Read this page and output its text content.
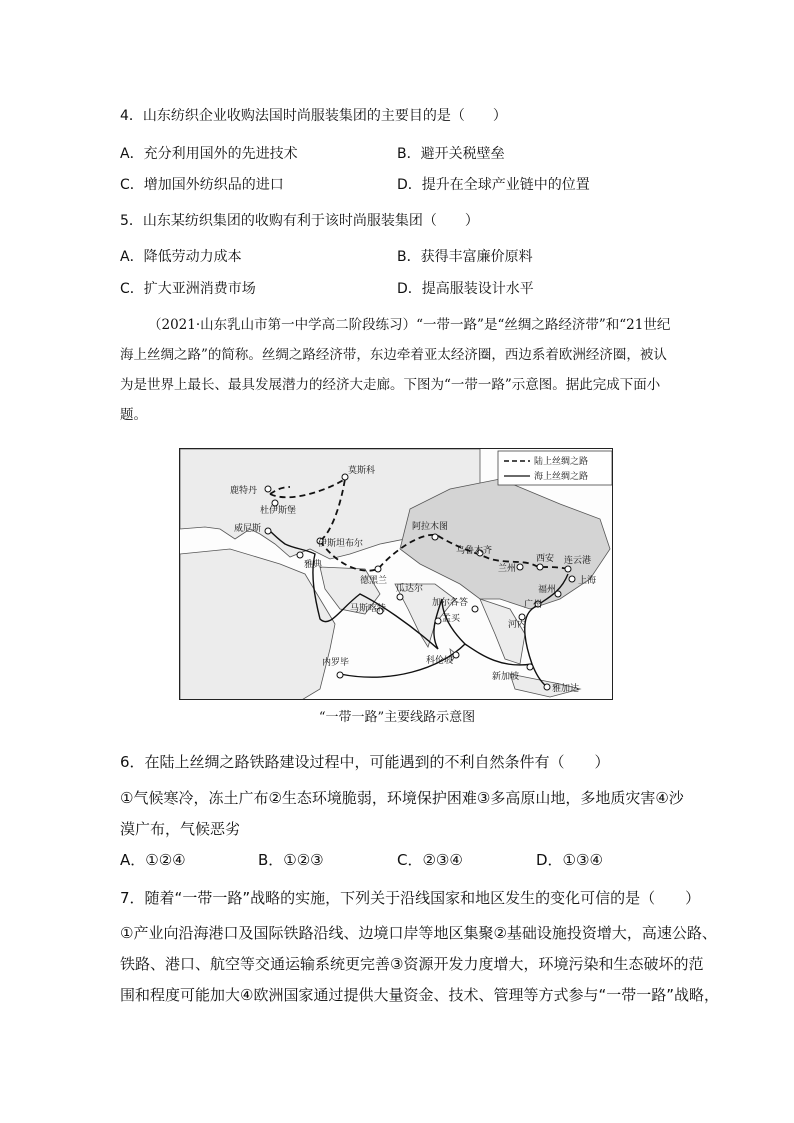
4．山东纺织企业收购法国时尚服装集团的主要目的是（　　）
A．充分利用国外的先进技术	B．避开关税壁垒
C．增加国外纺织品的进口	D．提升在全球产业链中的位置
5．山东某纺织集团的收购有利于该时尚服装集团（　　）
A．降低劳动力成本	B．获得丰富廉价原料
C．扩大亚洲消费市场	D．提高服装设计水平
（2021·山东乳山市第一中学高二阶段练习）“一带一路”是“丝绸之路经济带”和“21世纪海上丝绸之路”的简称。丝绸之路经济带，东边牵着亚太经济圈，西边系着欧洲经济圈，被认为是世界上最长、最具发展潜力的经济大走廊。下图为“一带一路”示意图。据此完成下面小题。
陆上丝绸之路
海上丝绸之路
鹿特丹
莫斯科
杜伊斯堡
威尼斯
伊斯坦布尔
雅典
德黑兰
阿拉木图
乌鲁木齐
兰州
西安 连云港
上海
福州
广州
河内
瓜达尔
马斯喀特
加尔各答
孟买
科伦坡
新加坡
雅加达
内罗毕
“一带一路”主要线路示意图
6．在陆上丝绸之路铁路建设过程中，可能遇到的不利自然条件有（　　）
①气候寒冷，冻土广布②生态环境脆弱，环境保护困难③多高原山地，多地质灾害④沙
漠广布，气候恶劣
A．①②④	B．①②③	C．②③④	D．①③④
7．随着“一带一路”战略的实施，下列关于沿线国家和地区发生的变化可信的是（　　）
①产业向沿海港口及国际铁路沿线、边境口岸等地区集聚②基础设施投资增大，高速公路、
铁路、港口、航空等交通运输系统更完善③资源开发力度增大，环境污染和生态破坏的范
围和程度可能加大④欧洲国家通过提供大量资金、技术、管理等方式参与“一带一路”战略，
